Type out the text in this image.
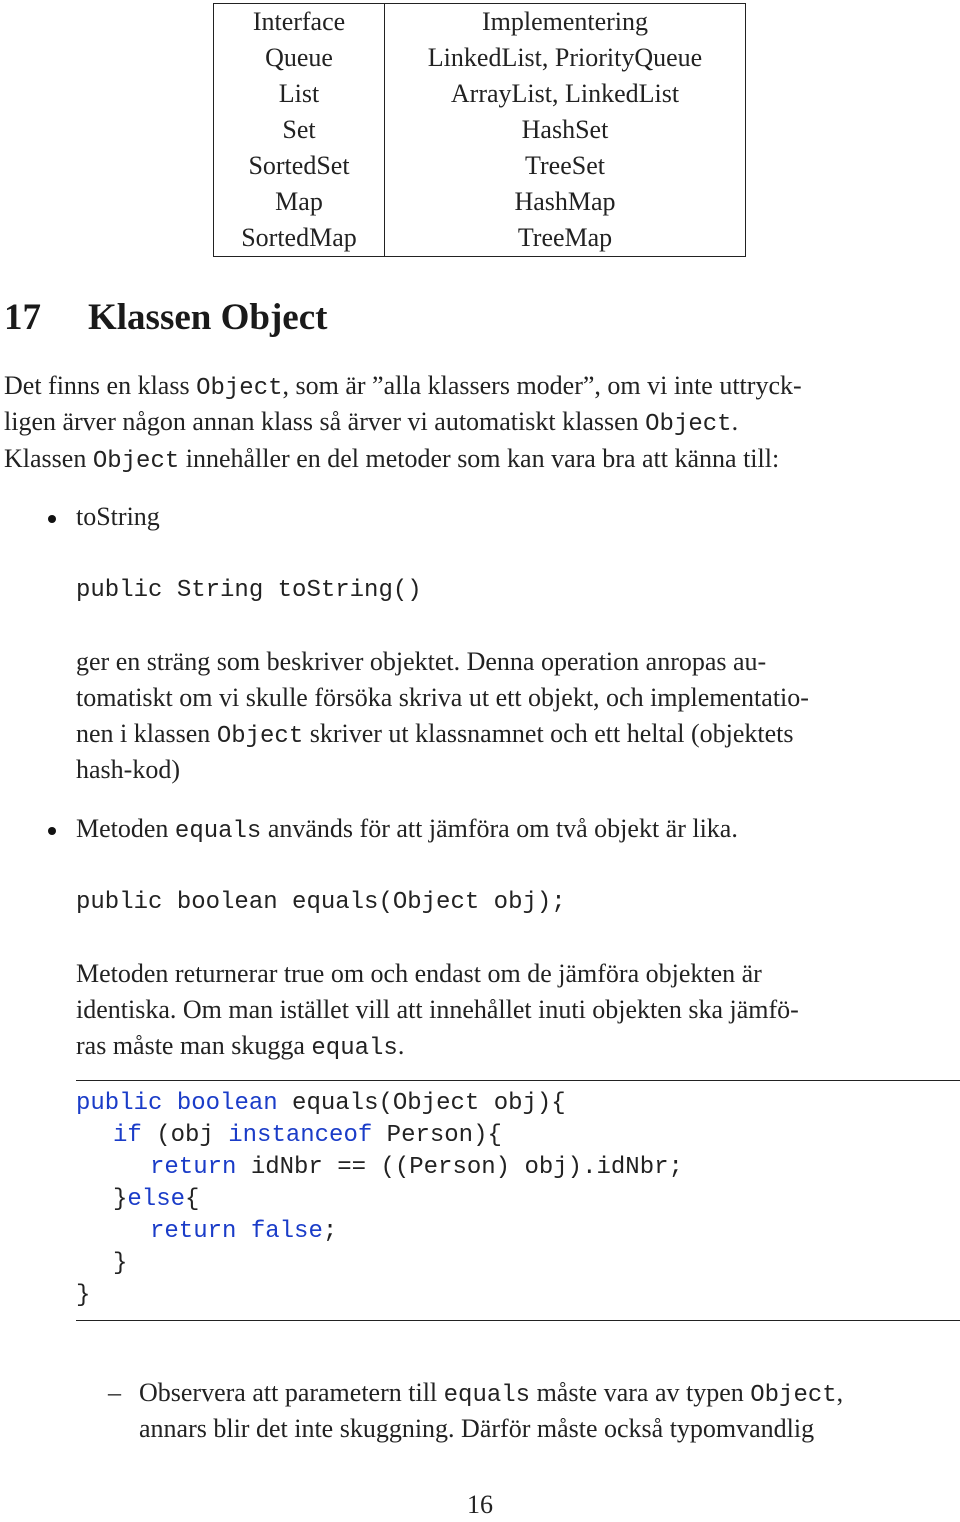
Interface	Implementering
Queue	LinkedList, PriorityQueue
List	ArrayList, LinkedList
Set	HashSet
SortedSet	TreeSet
Map	HashMap
SortedMap	TreeMap
17 Klassen Object

Det finns en klass Object, som är ”alla klassers moder”, om vi inte uttryck-

ligen ärver någon annan klass så ärver vi automatiskt klassen Object.

Klassen Object innehåller en del metoder som kan vara bra att känna till:

toString

public String toString()

ger en sträng som beskriver objektet. Denna operation anropas au-

tomatiskt om vi skulle försöka skriva ut ett objekt, och implementatio-

nen i klassen Object skriver ut klassnamnet och ett heltal (objektets

hash-kod)

Metoden equals används för att jämföra om två objekt är lika.

public boolean equals(Object obj);

Metoden returnerar true om och endast om de jämföra objekten är

identiska. Om man istället vill att innehållet inuti objekten ska jämfö-

ras måste man skugga equals.

public boolean equals(Object obj){

if (obj instanceof Person){

return idNbr == ((Person) obj).idNbr;

}else{

return false;

}

}

– Observera att parametern till equals måste vara av typen Object,

annars blir det inte skuggning. Därför måste också typomvandlig

16
